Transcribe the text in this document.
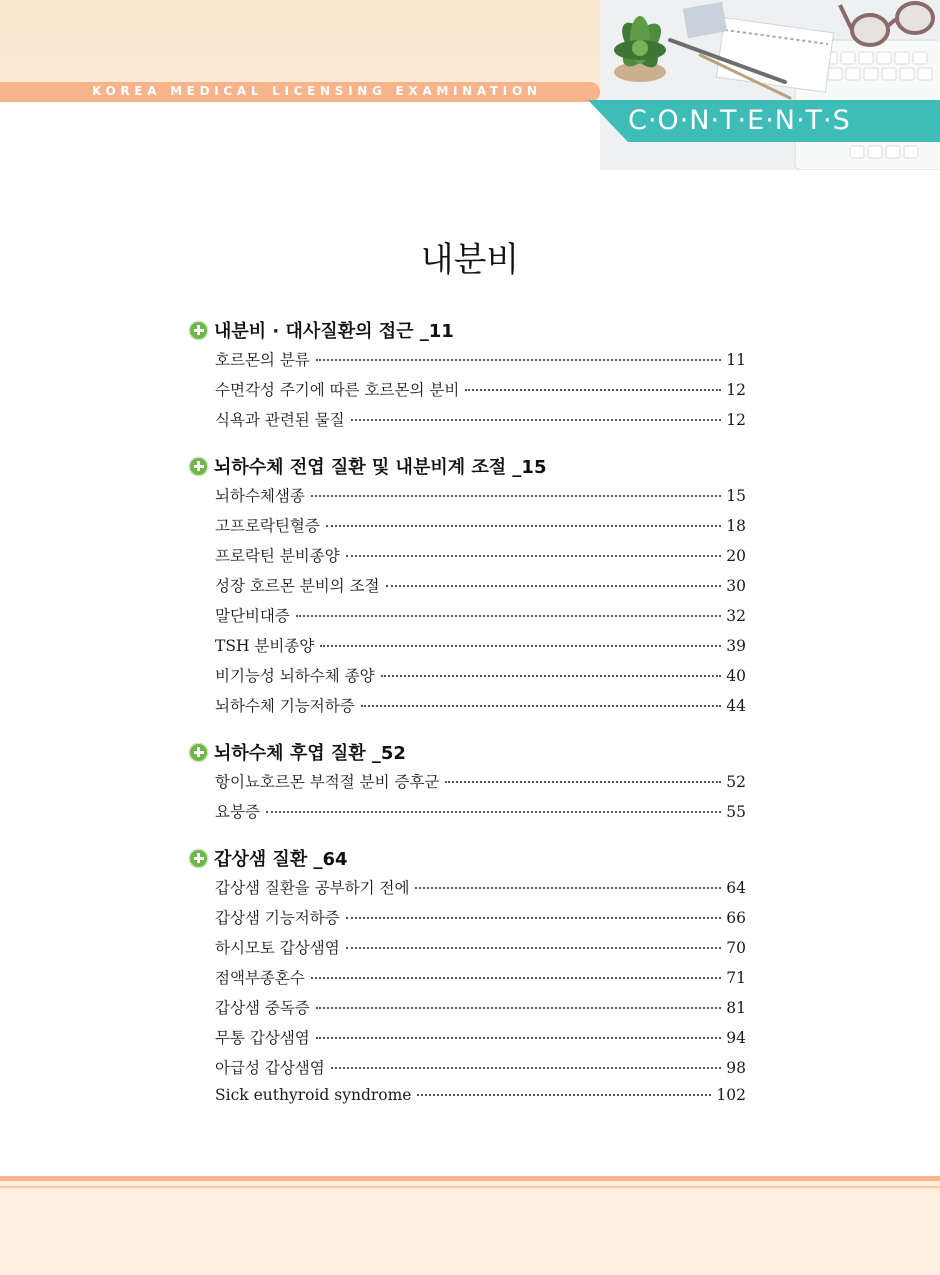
KOREA MEDICAL LICENSING EXAMINATION
C·O·N·T·E·N·T·S
내분비
내분비 · 대사질환의 접근 _11
호르몬의 분류	11
수면각성 주기에 따른 호르몬의 분비	12
식욕과 관련된 물질	12
뇌하수체 전엽 질환 및 내분비계 조절 _15
뇌하수체샘종	15
고프로락틴혈증	18
프로락틴 분비종양	20
성장 호르몬 분비의 조절	30
말단비대증	32
TSH 분비종양	39
비기능성 뇌하수체 종양	40
뇌하수체 기능저하증	44
뇌하수체 후엽 질환 _52
항이뇨호르몬 부적절 분비 증후군	52
요붕증	55
갑상샘 질환 _64
갑상샘 질환을 공부하기 전에	64
갑상샘 기능저하증	66
하시모토 갑상샘염	70
점액부종혼수	71
갑상샘 중독증	81
무통 갑상샘염	94
아급성 갑상샘염	98
Sick euthyroid syndrome	102
